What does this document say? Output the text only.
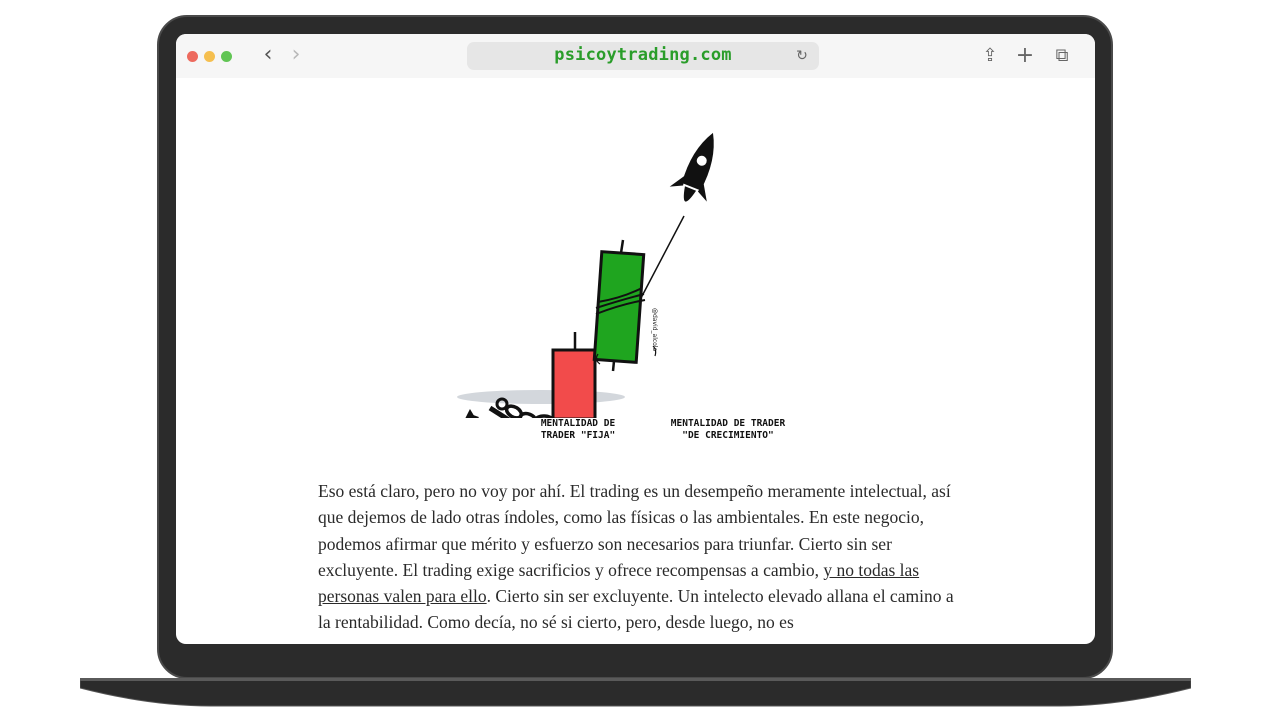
‹ ›	psicoytrading.com	↻	⇪ + ⧉
@david_alcolo
MENTALIDAD DE
TRADER "FIJA"
MENTALIDAD DE TRADER
"DE CRECIMIENTO"
Eso está claro, pero no voy por ahí. El trading es un desempeño meramente intelectual, así que dejemos de lado otras índoles, como las físicas o las ambientales. En este negocio, podemos afirmar que mérito y esfuerzo son necesarios para triunfar. Cierto sin ser excluyente. El trading exige sacrificios y ofrece recompensas a cambio, y no todas las personas valen para ello. Cierto sin ser excluyente. Un intelecto elevado allana el camino a la rentabilidad. Como decía, no sé si cierto, pero, desde luego, no es
